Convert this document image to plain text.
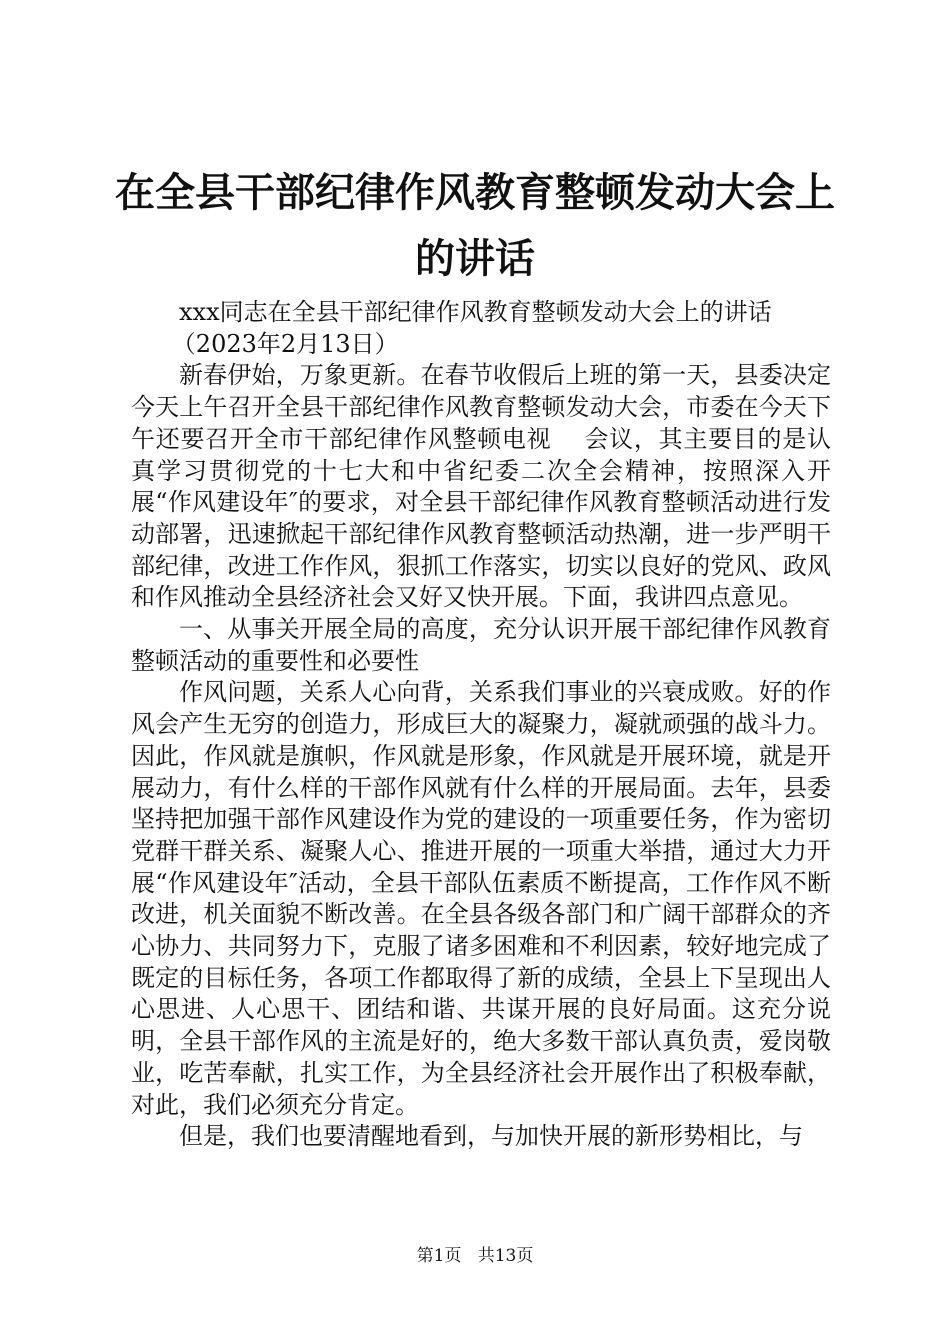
在全县干部纪律作风教育整顿发动大会上的讲话

xxx同志在全县干部纪律作风教育整顿发动大会上的讲话

（2023年2月13日）

新春伊始，万象更新。在春节收假后上班的第一天，县委决定今天上午召开全县干部纪律作风教育整顿发动大会，市委在今天下午还要召开全市干部纪律作风整顿电视　 会议，其主要目的是认真学习贯彻党的十七大和中省纪委二次全会精神，按照深入开展“作风建设年″的要求，对全县干部纪律作风教育整顿活动进行发动部署，迅速掀起干部纪律作风教育整顿活动热潮，进一步严明干部纪律，改进工作作风，狠抓工作落实，切实以良好的党风、政风和作风推动全县经济社会又好又快开展。下面，我讲四点意见。

一、从事关开展全局的高度，充分认识开展干部纪律作风教育整顿活动的重要性和必要性

作风问题，关系人心向背，关系我们事业的兴衰成败。好的作风会产生无穷的创造力，形成巨大的凝聚力，凝就顽强的战斗力。因此，作风就是旗帜，作风就是形象，作风就是开展环境，就是开展动力，有什么样的干部作风就有什么样的开展局面。去年，县委坚持把加强干部作风建设作为党的建设的一项重要任务，作为密切党群干群关系、凝聚人心、推进开展的一项重大举措，通过大力开展“作风建设年″活动，全县干部队伍素质不断提高，工作作风不断改进，机关面貌不断改善。在全县各级各部门和广阔干部群众的齐心协力、共同努力下，克服了诸多困难和不利因素，较好地完成了既定的目标任务，各项工作都取得了新的成绩，全县上下呈现出人心思进、人心思干、团结和谐、共谋开展的良好局面。这充分说明，全县干部作风的主流是好的，绝大多数干部认真负责，爱岗敬业，吃苦奉献，扎实工作，为全县经济社会开展作出了积极奉献，对此，我们必须充分肯定。

但是，我们也要清醒地看到，与加快开展的新形势相比，与

第1页 共13页
